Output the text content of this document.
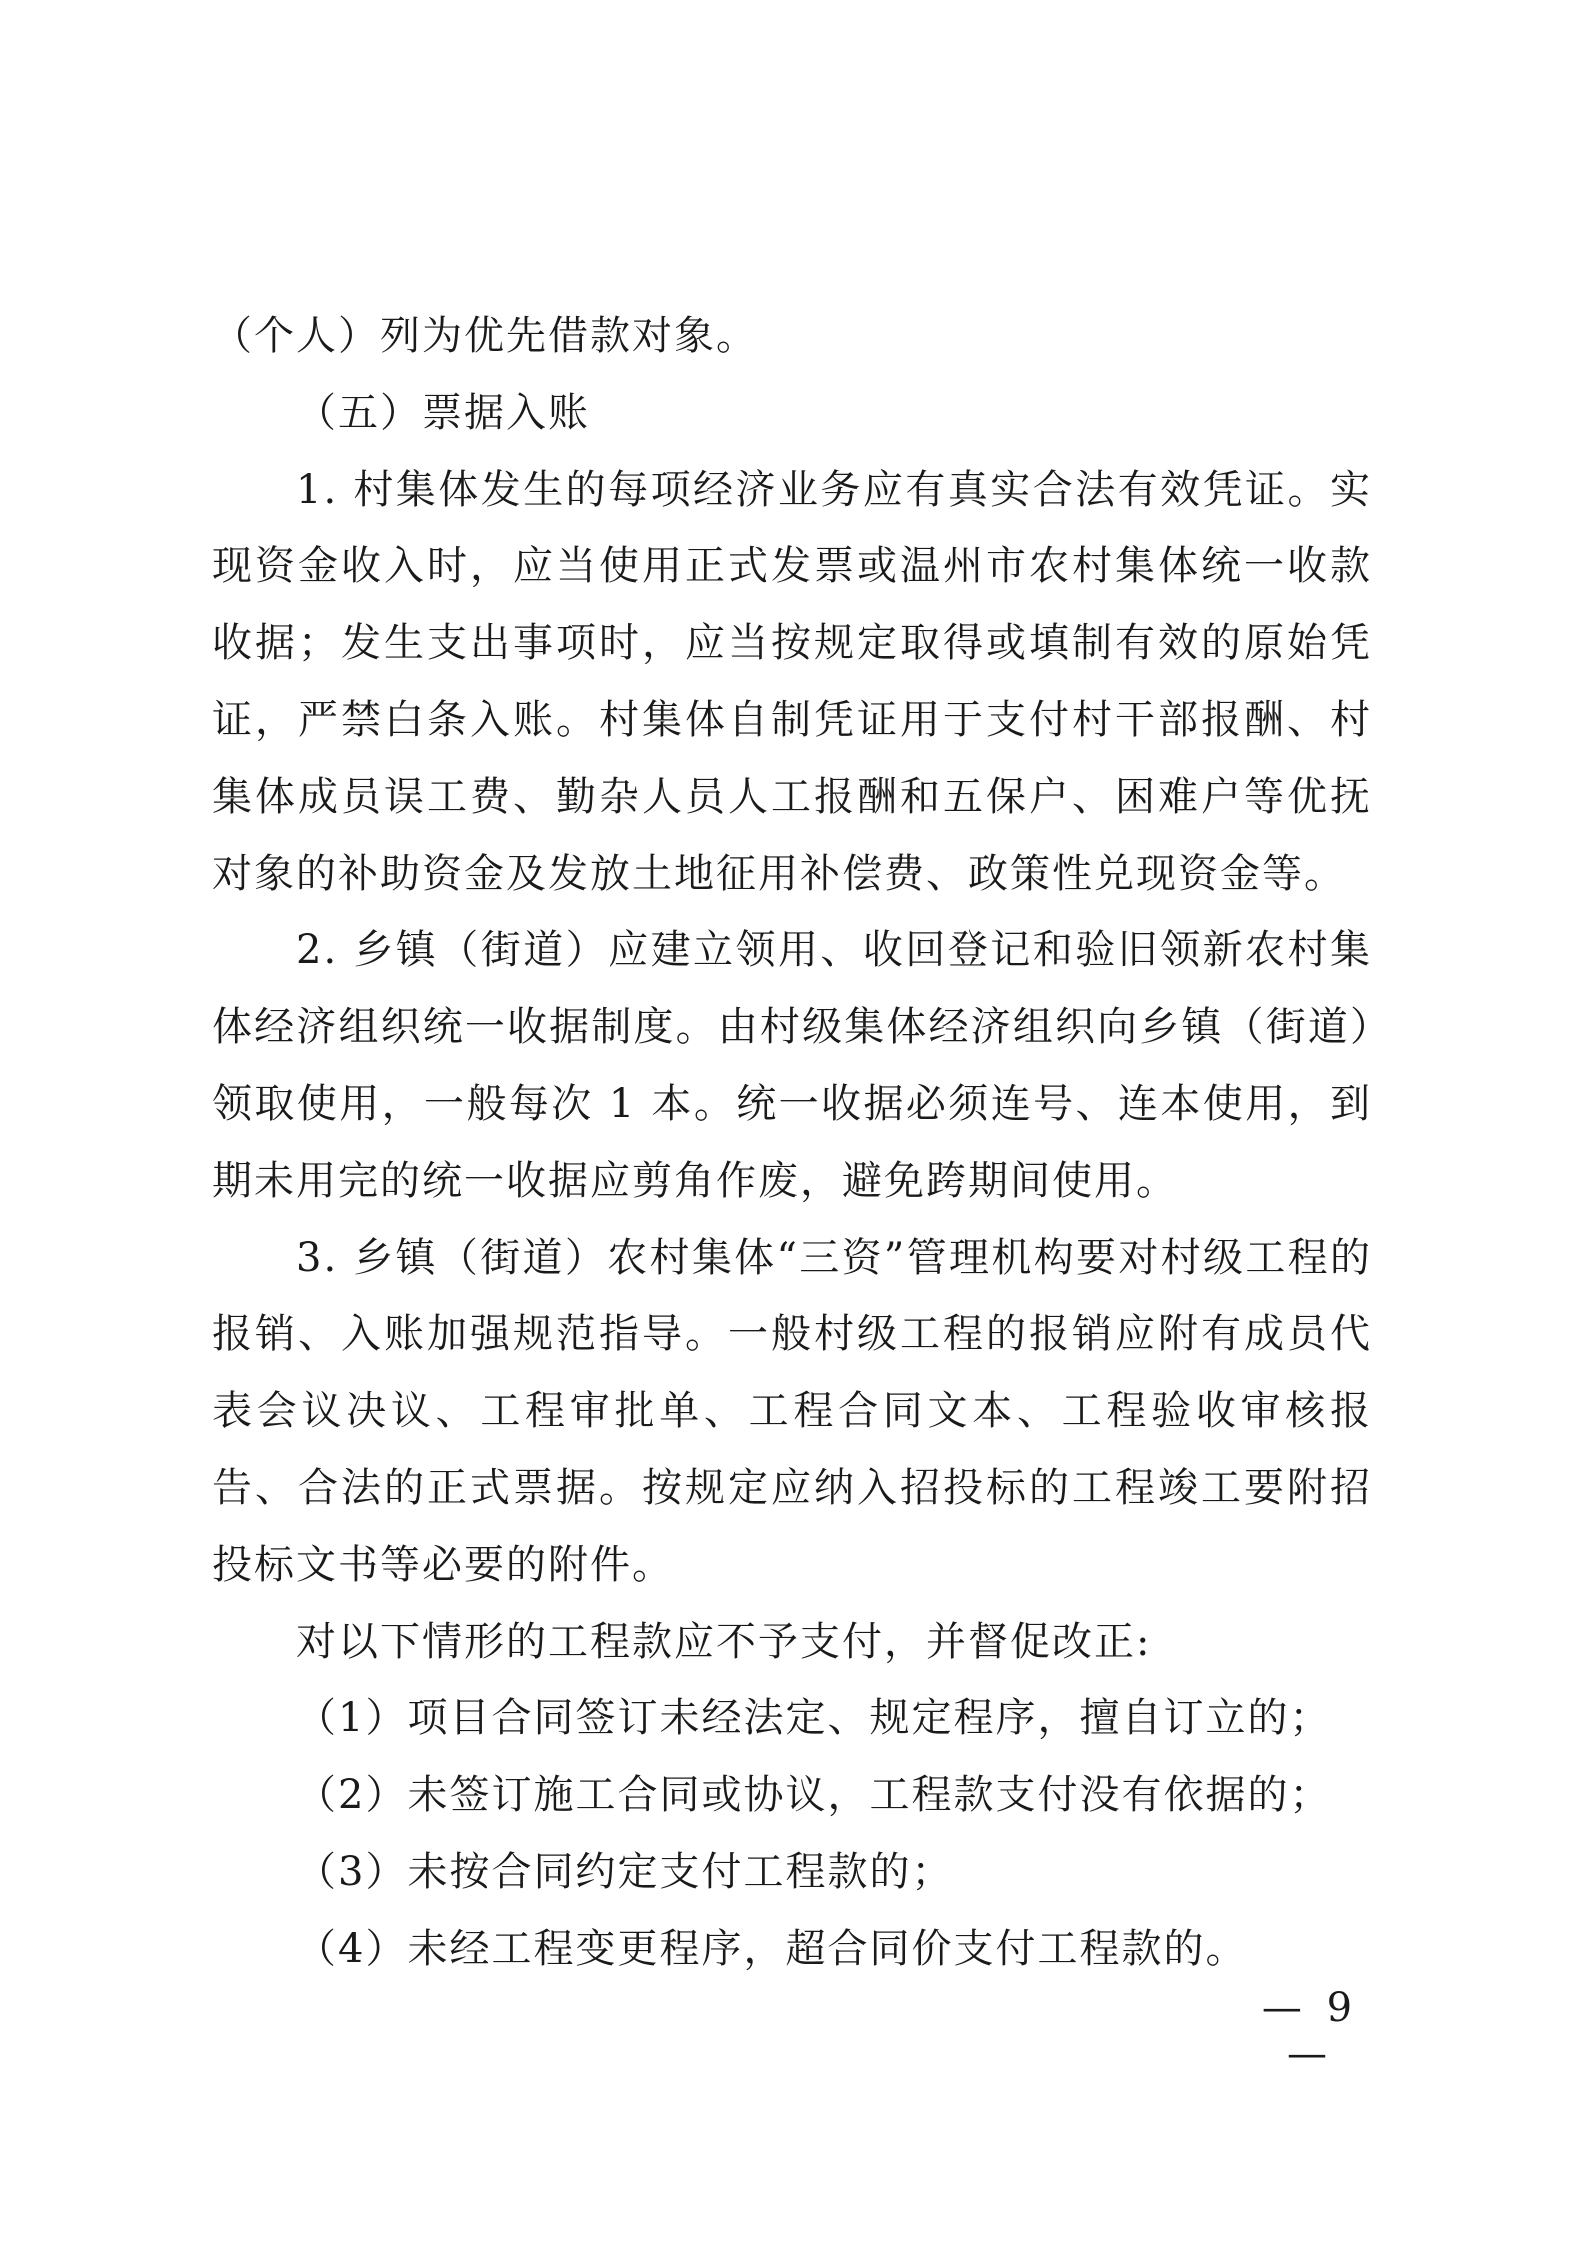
（个人）列为优先借款对象。

（五）票据入账

1. 村集体发生的每项经济业务应有真实合法有效凭证。实现资金收入时，应当使用正式发票或温州市农村集体统一收款收据；发生支出事项时，应当按规定取得或填制有效的原始凭证，严禁白条入账。村集体自制凭证用于支付村干部报酬、村集体成员误工费、勤杂人员人工报酬和五保户、困难户等优抚对象的补助资金及发放土地征用补偿费、政策性兑现资金等。

2. 乡镇（街道）应建立领用、收回登记和验旧领新农村集体经济组织统一收据制度。由村级集体经济组织向乡镇（街道）领取使用，一般每次 1 本。统一收据必须连号、连本使用，到期未用完的统一收据应剪角作废，避免跨期间使用。

3. 乡镇（街道）农村集体“三资”管理机构要对村级工程的报销、入账加强规范指导。一般村级工程的报销应附有成员代表会议决议、工程审批单、工程合同文本、工程验收审核报告、合法的正式票据。按规定应纳入招投标的工程竣工要附招投标文书等必要的附件。

对以下情形的工程款应不予支付，并督促改正:

（1）项目合同签订未经法定、规定程序，擅自订立的；

（2）未签订施工合同或协议，工程款支付没有依据的；

（3）未按合同约定支付工程款的；

（4）未经工程变更程序，超合同价支付工程款的。

— 9 —
